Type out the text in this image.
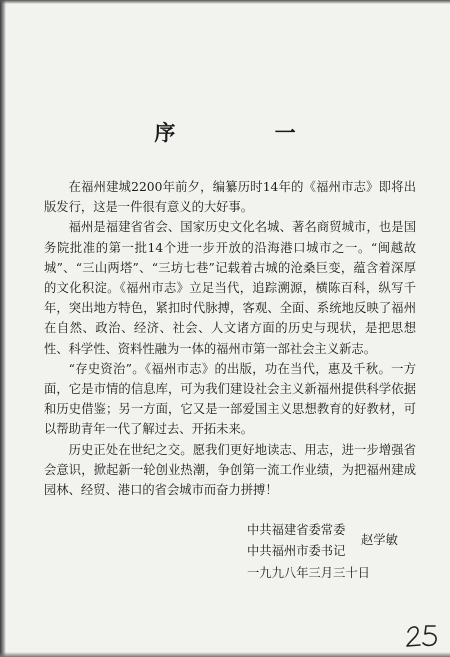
序 一

在福州建城2200年前夕，编纂历时14年的《福州市志》即将出版发行，这是一件很有意义的大好事。

福州是福建省省会、国家历史文化名城、著名商贸城市，也是国务院批准的第一批14个进一步开放的沿海港口城市之一。“闽越故城”、“三山两塔”、“三坊七巷”记载着古城的沧桑巨变，蕴含着深厚的文化积淀。《福州市志》立足当代，追踪溯源，横陈百科，纵写千年，突出地方特色，紧扣时代脉搏，客观、全面、系统地反映了福州在自然、政治、经济、社会、人文诸方面的历史与现状，是把思想性、科学性、资料性融为一体的福州市第一部社会主义新志。

“存史资治”。《福州市志》的出版，功在当代，惠及千秋。一方面，它是市情的信息库，可为我们建设社会主义新福州提供科学依据和历史借鉴；另一方面，它又是一部爱国主义思想教育的好教材，可以帮助青年一代了解过去、开拓未来。

历史正处在世纪之交。愿我们更好地读志、用志，进一步增强省会意识，掀起新一轮创业热潮，争创第一流工作业绩，为把福州建成园林、经贸、港口的省会城市而奋力拼搏！

中共福建省委常委
中共福州市委书记
赵学敏
一九九八年三月三十日
